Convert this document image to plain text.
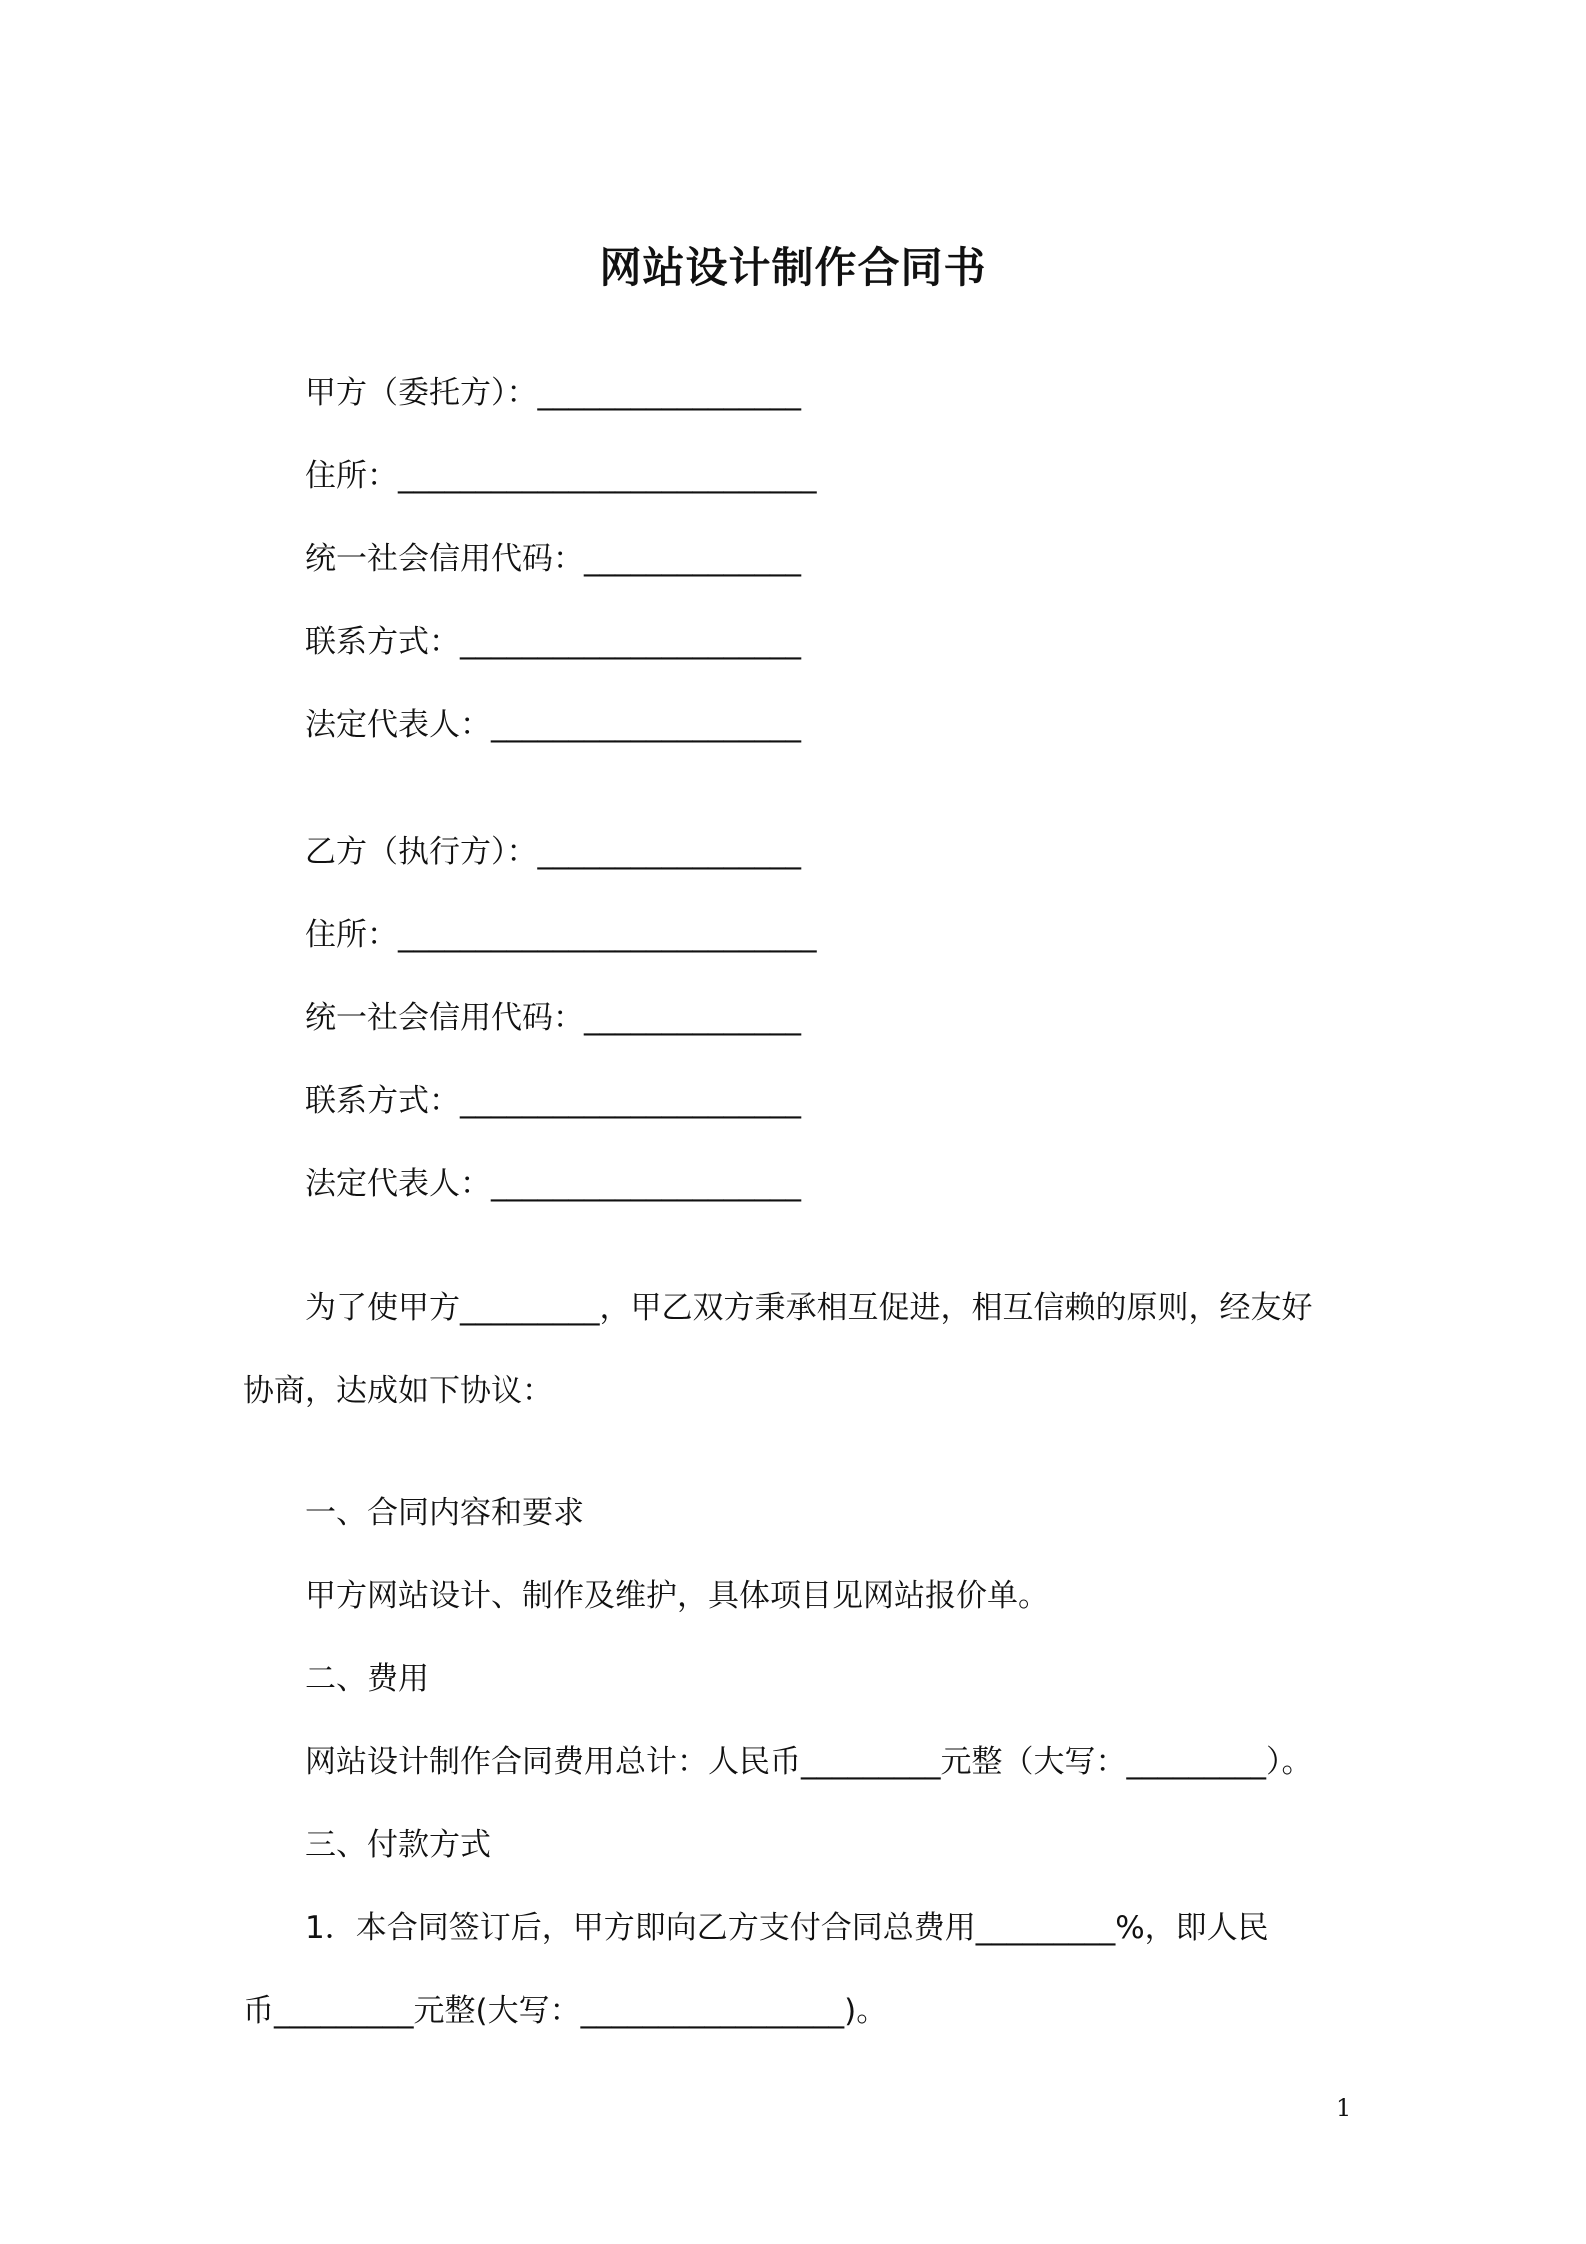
网站设计制作合同书
甲方（委托方）：_________________
住所：___________________________
统一社会信用代码：______________
联系方式：______________________
法定代表人：____________________
乙方（执行方）：_________________
住所：___________________________
统一社会信用代码：______________
联系方式：______________________
法定代表人：____________________
为了使甲方_________，甲乙双方秉承相互促进，相互信赖的原则，经友好
协商，达成如下协议：
一、合同内容和要求
甲方网站设计、制作及维护，具体项目见网站报价单。
二、费用
网站设计制作合同费用总计：人民币_________元整（大写：_________）。
三、付款方式
1．本合同签订后，甲方即向乙方支付合同总费用_________%，即人民
币_________元整(大写：_________________)。
1
